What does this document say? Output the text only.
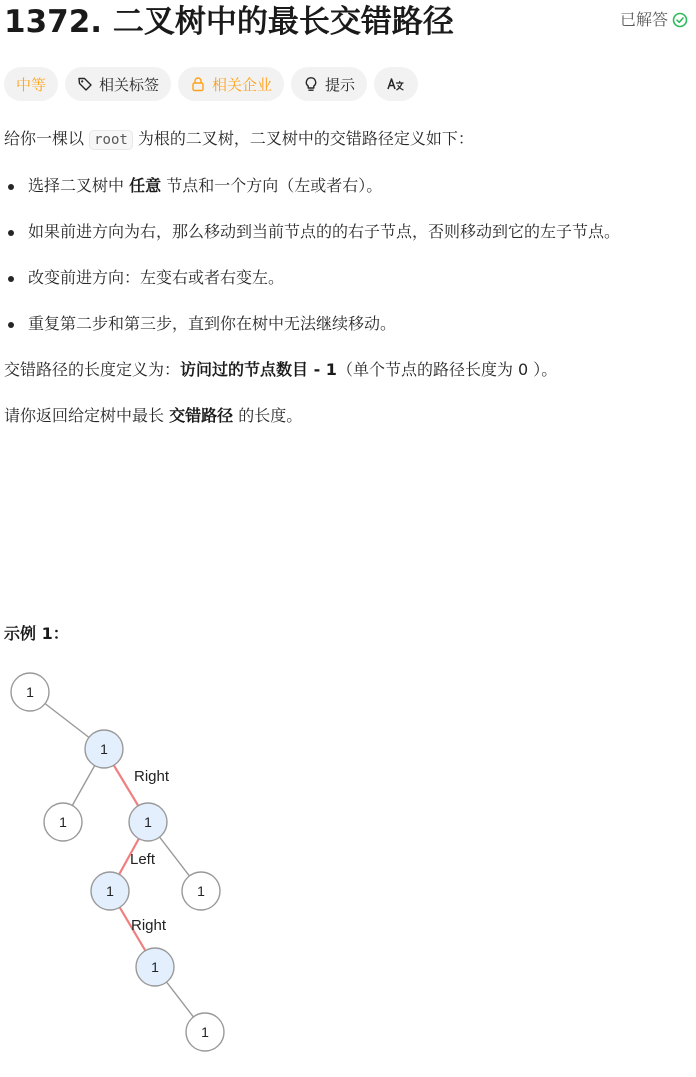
1372. 二叉树中的最长交错路径	已解答
中等	相关标签	相关企业	提示

给你一棵以 root 为根的二叉树，二叉树中的交错路径定义如下：

选择二叉树中 任意 节点和一个方向（左或者右）。
如果前进方向为右，那么移动到当前节点的的右子节点，否则移动到它的左子节点。
改变前进方向：左变右或者右变左。
重复第二步和第三步，直到你在树中无法继续移动。

交错路径的长度定义为：访问过的节点数目 - 1（单个节点的路径长度为 0 ）。

请你返回给定树中最长 交错路径 的长度。

示例 1：
Right
Left
Right
1
1
1	1
1	1
1
1
